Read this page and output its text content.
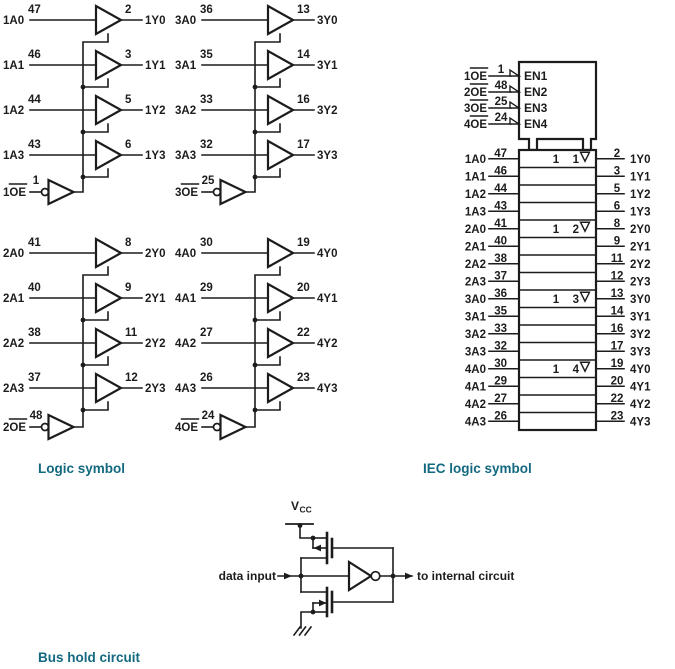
47
1A0
2
1Y0
46
1A1
3
1Y1
44
1A2
5
1Y2
43
1A3
6
1Y3
1OE
1
36
3A0
13
3Y0
35
3A1
14
3Y1
33
3A2
16
3Y2
32
3A3
17
3Y3
3OE
25
41
2A0
8
2Y0
40
2A1
9
2Y1
38
2A2
11
2Y2
37
2A3
12
2Y3
2OE
48
30
4A0
19
4Y0
29
4A1
20
4Y1
27
4A2
22
4Y2
26
4A3
23
4Y3
4OE
24
1OE
1 EN1
2OE
48 EN2
3OE
25 EN3
4OE
24 EN4
1A0 47	2 1Y0
1 1
1A1 46	3 1Y1
1A2 44	5 1Y2
1A3 43	6 1Y3
2A0 41	8 2Y0
1 2
2A1 40	9 2Y1
2A2 38	11 2Y2
2A3 37	12 2Y3
3A0 36	13 3Y0
1 3
3A1 35	14 3Y1
3A2 33	16 3Y2
3A3 32	17 3Y3
4A0 30	19 4Y0
1 4
4A1 29	20 4Y1
4A2 27	22 4Y2
4A3 26	23 4Y3
V CC
data input	to internal circuit
Logic symbol	IEC logic symbol
Bus hold circuit
